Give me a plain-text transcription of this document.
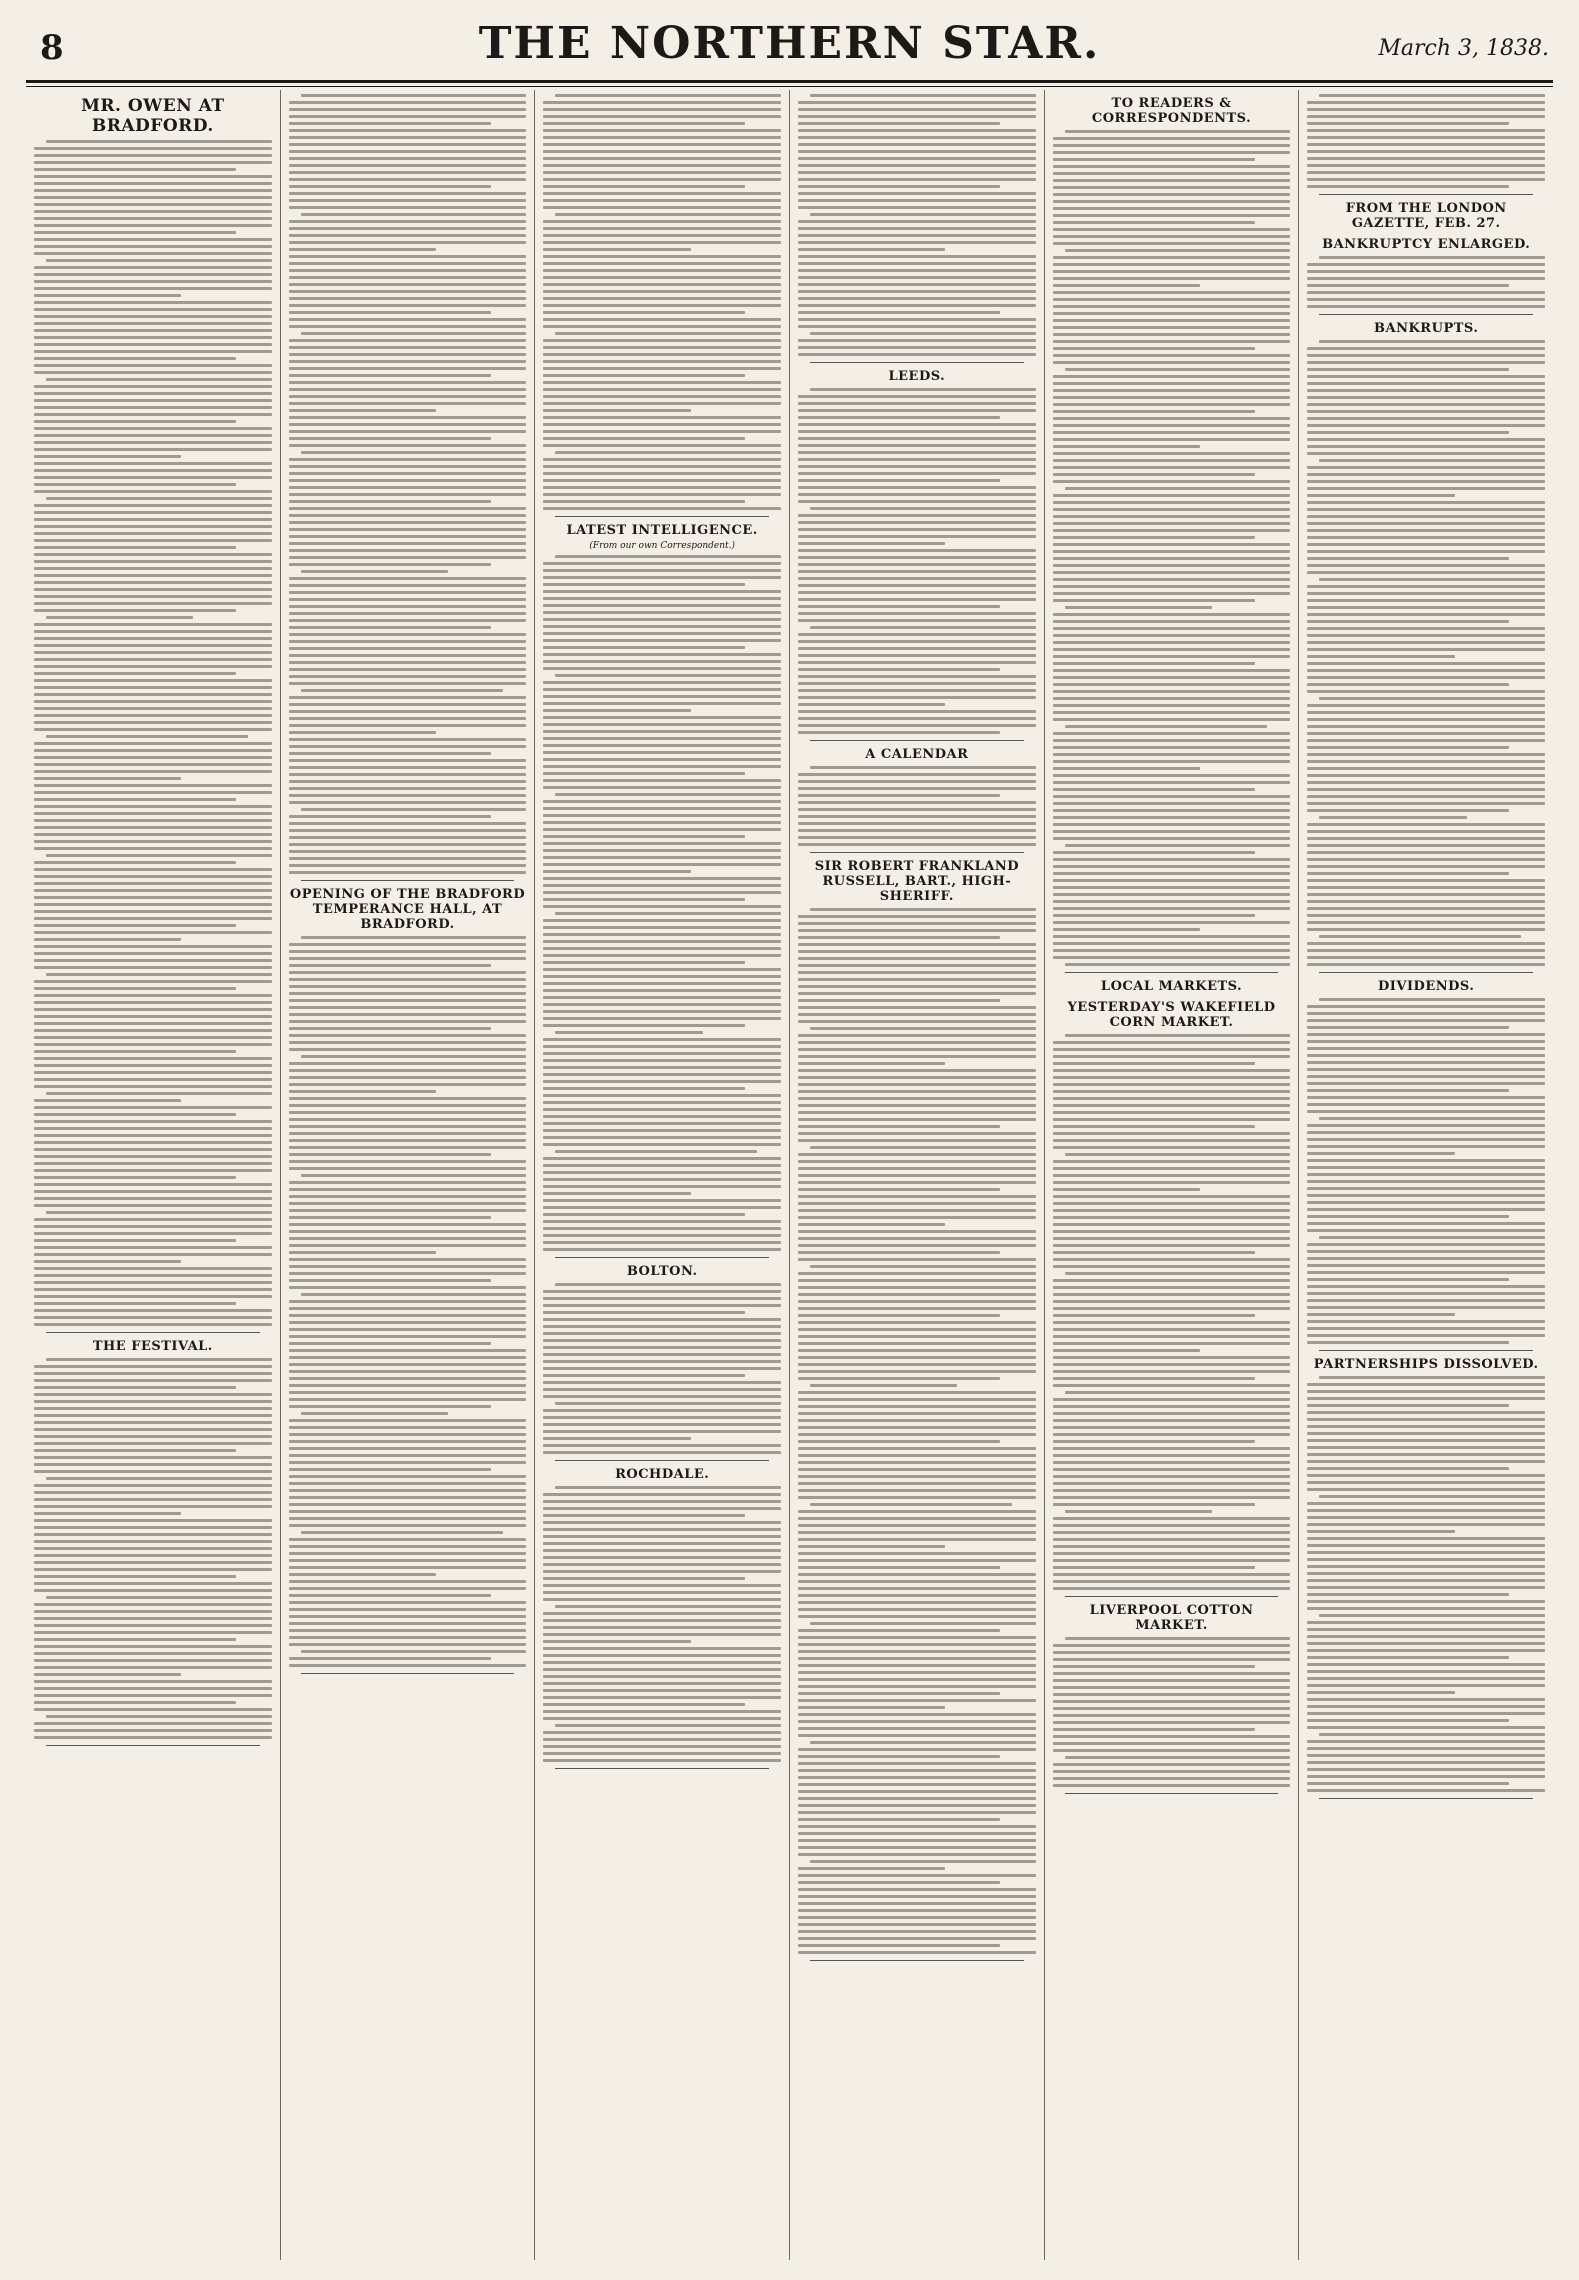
8	THE NORTHERN STAR.	March 3, 1838.
MR. OWEN AT BRADFORD.
THE FESTIVAL.
OPENING OF THE BRADFORD TEMPERANCE HALL, AT BRADFORD.
LATEST INTELLIGENCE.
(From our own Correspondent.)
BOLTON.
ROCHDALE.
LEEDS.
A CALENDAR
SIR ROBERT FRANKLAND RUSSELL, BART., HIGH-SHERIFF.
TO READERS & CORRESPONDENTS.
LOCAL MARKETS.
YESTERDAY'S WAKEFIELD CORN MARKET.
LIVERPOOL COTTON MARKET.
FROM THE LONDON GAZETTE, FEB. 27.
BANKRUPTCY ENLARGED.
BANKRUPTS.
DIVIDENDS.
PARTNERSHIPS DISSOLVED.
